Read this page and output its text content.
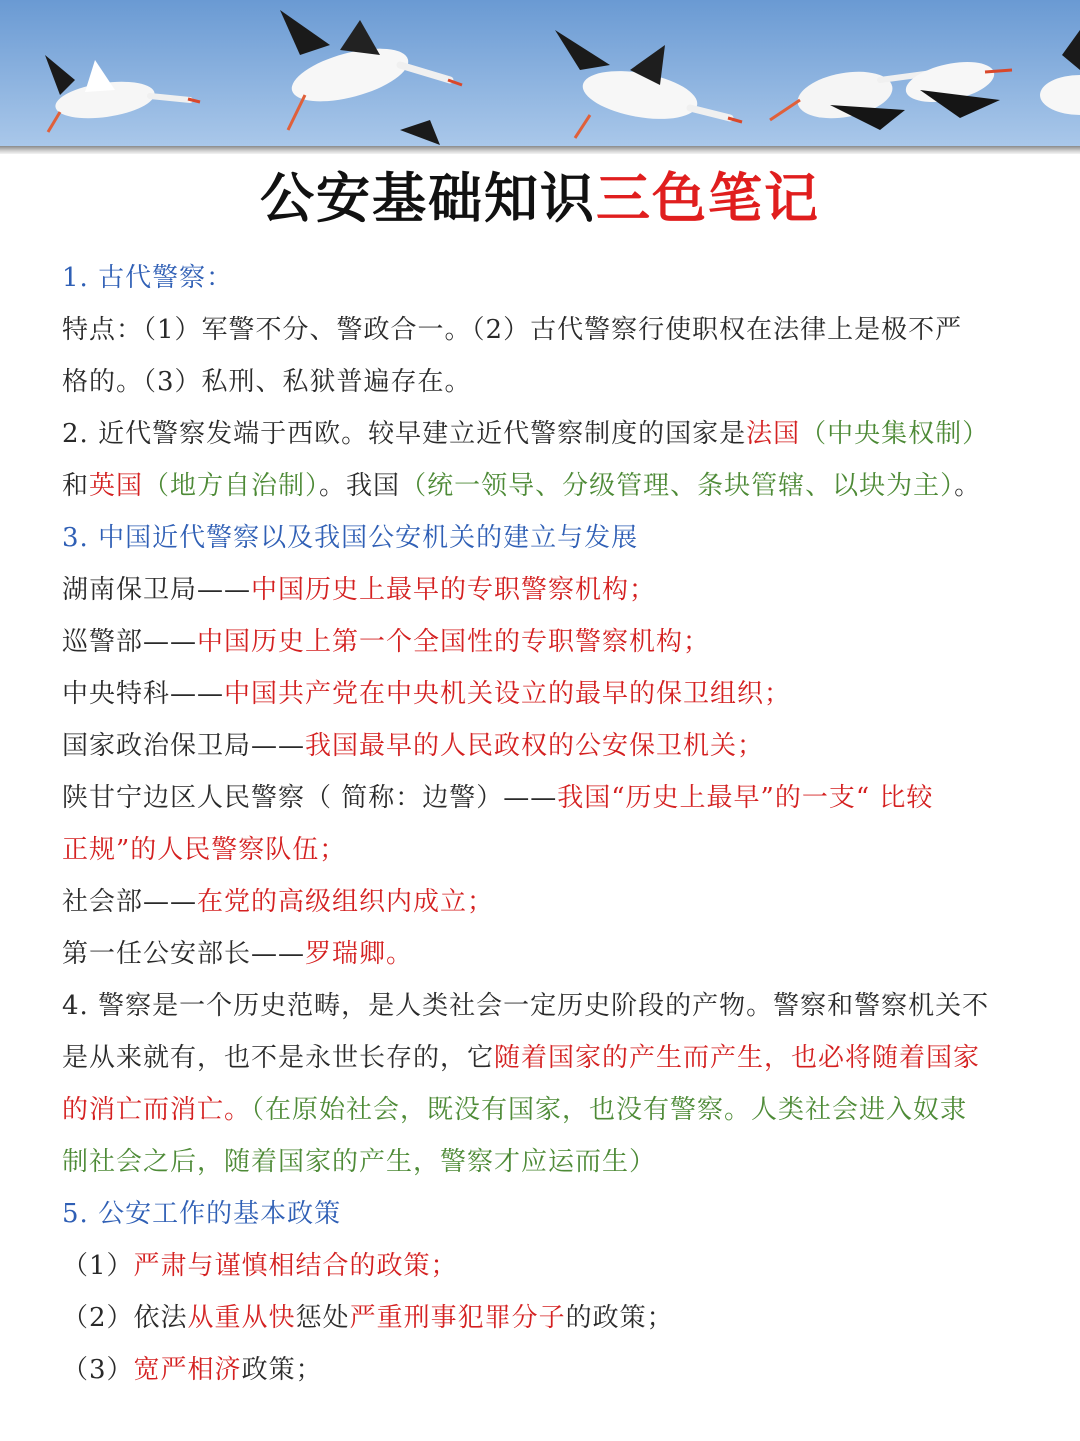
公安基础知识三色笔记
1. 古代警察：
特点：（1）军警不分、警政合一。（2）古代警察行使职权在法律上是极不严
格的。（3）私刑、私狱普遍存在。
2. 近代警察发端于西欧。较早建立近代警察制度的国家是法国（中央集权制）
和英国（地方自治制）。我国（统一领导、分级管理、条块管辖、以块为主）。
3. 中国近代警察以及我国公安机关的建立与发展
湖南保卫局——中国历史上最早的专职警察机构；
巡警部——中国历史上第一个全国性的专职警察机构；
中央特科——中国共产党在中央机关设立的最早的保卫组织；
国家政治保卫局——我国最早的人民政权的公安保卫机关；
陕甘宁边区人民警察（ 简称：边警）——我国“历史上最早”的一支“ 比较
正规”的人民警察队伍；
社会部——在党的高级组织内成立；
第一任公安部长——罗瑞卿。
4. 警察是一个历史范畴，是人类社会一定历史阶段的产物。警察和警察机关不
是从来就有，也不是永世长存的，它随着国家的产生而产生，也必将随着国家
的消亡而消亡。（在原始社会，既没有国家，也没有警察。人类社会进入奴隶
制社会之后，随着国家的产生，警察才应运而生）
5. 公安工作的基本政策
（1）严肃与谨慎相结合的政策；
（2）依法从重从快惩处严重刑事犯罪分子的政策；
（3）宽严相济政策；
